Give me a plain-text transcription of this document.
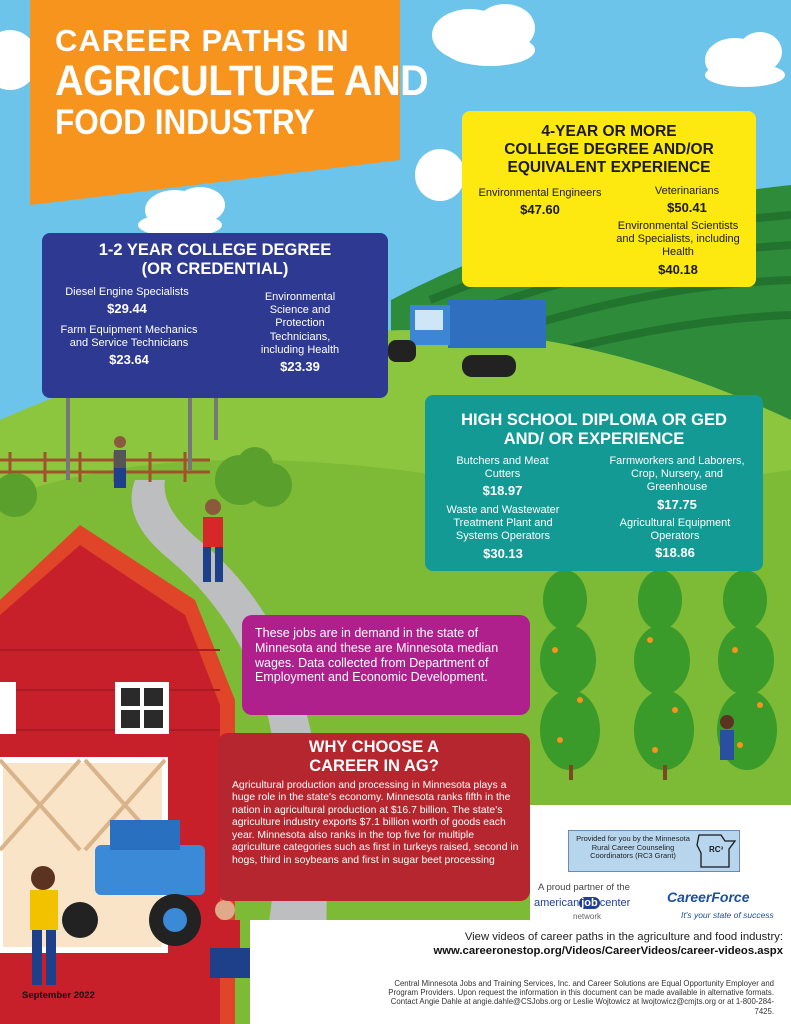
CAREER PATHS IN
AGRICULTURE AND
FOOD INDUSTRY
1-2 YEAR COLLEGE DEGREE
(OR CREDENTIAL)
Diesel Engine Specialists
$29.44
Farm Equipment Mechanics and Service Technicians
$23.64
Environmental Science and Protection Technicians, including Health
$23.39
4-YEAR OR MORE
COLLEGE DEGREE AND/OR
EQUIVALENT EXPERIENCE
Environmental Engineers
$47.60
Veterinarians
$50.41
Environmental Scientists and Specialists, including Health
$40.18
HIGH SCHOOL DIPLOMA OR GED
AND/ OR EXPERIENCE
Butchers and Meat Cutters
$18.97
Farmworkers and Laborers, Crop, Nursery, and Greenhouse
$17.75
Waste and Wastewater Treatment Plant and Systems Operators
$30.13
Agricultural Equipment Operators
$18.86
These jobs are in demand in the state of Minnesota and these are Minnesota median wages. Data collected from Department of Employment and Economic Development.
WHY CHOOSE A
CAREER IN AG?
Agricultural production and processing in Minnesota plays a huge role in the state's economy. Minnesota ranks fifth in the nation in agricultural production at $16.7 billion. The state's agriculture industry exports $7.1 billion worth of goods each year. Minnesota also ranks in the top five for multiple agriculture categories such as first in turkeys raised, second in hogs, third in soybeans and first in sugar beet processing
Provided for you by the Minnesota Rural Career Counseling Coordinators (RC3 Grant)
RC³
A proud partner of the
american job center
network
CareerForce
It's your state of success
View videos of career paths in the agriculture and food industry:
www.careeronestop.org/Videos/CareerVideos/career-videos.aspx
September 2022
Central Minnesota Jobs and Training Services, Inc. and Career Solutions are Equal Opportunity Employer and Program Providers. Upon request the information in this document can be made available in alternative formats. Contact Angie Dahle at angie.dahle@CSJobs.org or Leslie Wojtowicz at lwojtowicz@cmjts.org or at 1-800-284-7425.
